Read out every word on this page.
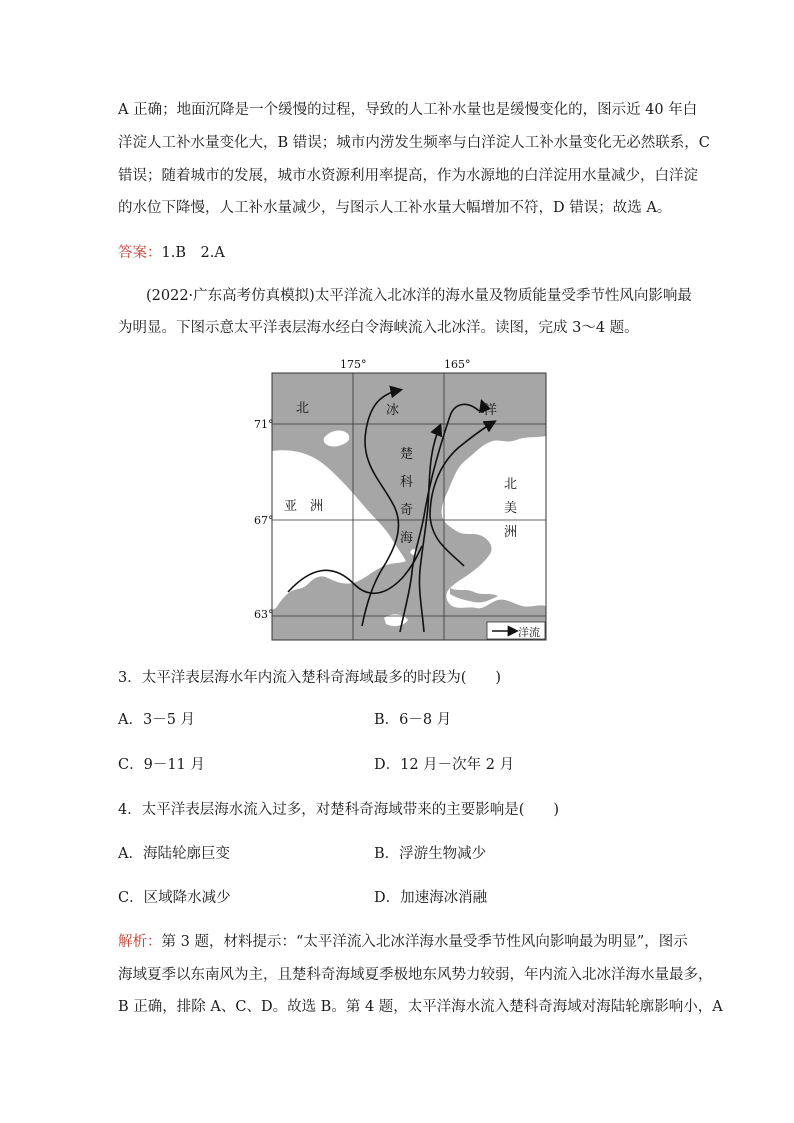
A 正确；地面沉降是一个缓慢的过程，导致的人工补水量也是缓慢变化的，图示近 40 年白
洋淀人工补水量变化大，B 错误；城市内涝发生频率与白洋淀人工补水量变化无必然联系，C
错误；随着城市的发展，城市水资源利用率提高，作为水源地的白洋淀用水量减少，白洋淀
的水位下降慢，人工补水量减少，与图示人工补水量大幅增加不符，D 错误；故选 A。
答案：1.B　2.A
(2022·广东高考仿真模拟)太平洋流入北冰洋的海水量及物质能量受季节性风向影响最
为明显。下图示意太平洋表层海水经白令海峡流入北冰洋。读图，完成 3～4 题。
175°	165°
71°
67°
63°
北	冰	洋
楚
科
奇
海
亚　洲
北
美
洲
洋流
3．太平洋表层海水年内流入楚科奇海域最多的时段为(　　)
A．3－5 月	B．6－8 月
C．9－11 月	D．12 月－次年 2 月
4．太平洋表层海水流入过多，对楚科奇海域带来的主要影响是(　　)
A．海陆轮廓巨变	B．浮游生物减少
C．区域降水减少	D．加速海冰消融
解析：第 3 题，材料提示：“太平洋流入北冰洋海水量受季节性风向影响最为明显”，图示
海域夏季以东南风为主，且楚科奇海域夏季极地东风势力较弱，年内流入北冰洋海水量最多，
B 正确，排除 A、C、D。故选 B。第 4 题，太平洋海水流入楚科奇海域对海陆轮廓影响小，A
